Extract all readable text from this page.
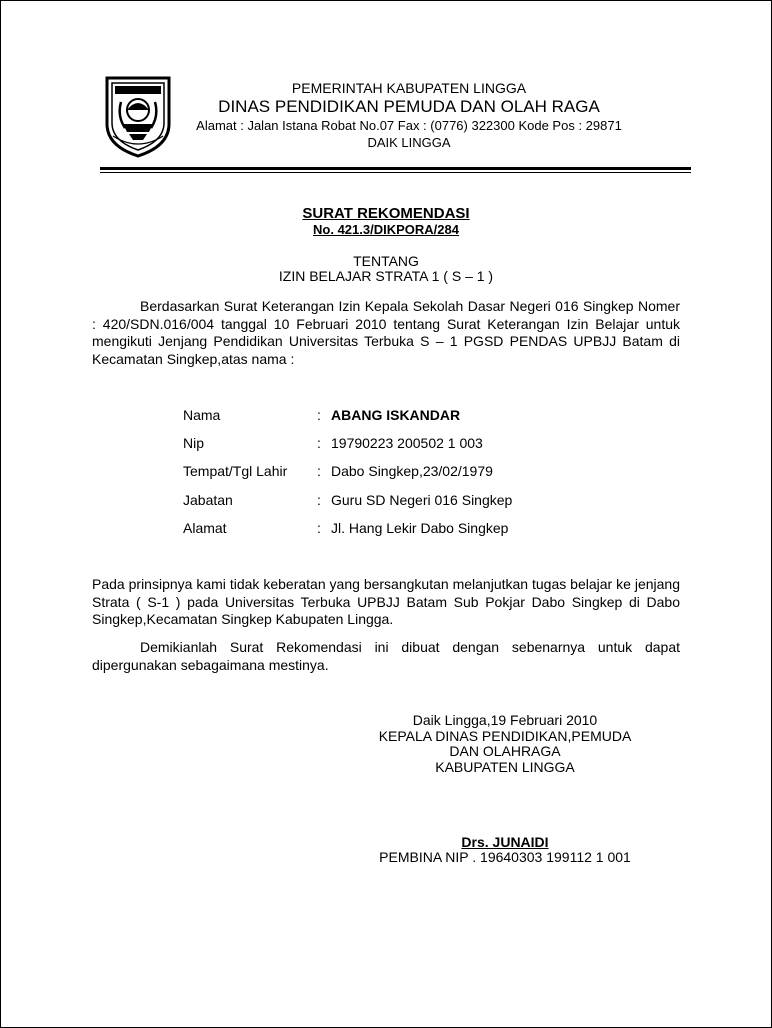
PEMERINTAH KABUPATEN LINGGA
DINAS PENDIDIKAN PEMUDA DAN OLAH RAGA
Alamat : Jalan Istana Robat No.07 Fax : (0776) 322300 Kode Pos : 29871
DAIK LINGGA
SURAT REKOMENDASI
No. 421.3/DIKPORA/284
TENTANG
IZIN BELAJAR STRATA 1 ( S – 1 )

Berdasarkan Surat Keterangan Izin Kepala Sekolah Dasar Negeri 016 Singkep Nomer : 420/SDN.016/004 tanggal 10 Februari 2010 tentang Surat Keterangan Izin Belajar untuk mengikuti Jenjang Pendidikan Universitas Terbuka S – 1 PGSD PENDAS UPBJJ Batam di Kecamatan Singkep,atas nama :

Nama	: ABANG ISKANDAR
Nip	: 19790223 200502 1 003
Tempat/Tgl Lahir : Dabo Singkep,23/02/1979
Jabatan	: Guru SD Negeri 016 Singkep
Alamat	: Jl. Hang Lekir Dabo Singkep

Pada prinsipnya kami tidak keberatan yang bersangkutan melanjutkan tugas belajar ke jenjang Strata ( S-1 ) pada Universitas Terbuka UPBJJ Batam Sub Pokjar Dabo Singkep di Dabo Singkep,Kecamatan Singkep Kabupaten Lingga.

Demikianlah Surat Rekomendasi ini dibuat dengan sebenarnya untuk dapat dipergunakan sebagaimana mestinya.

Daik Lingga,19 Februari 2010
KEPALA DINAS PENDIDIKAN,PEMUDA
DAN OLAHRAGA
KABUPATEN LINGGA
Drs. JUNAIDI
PEMBINA NIP . 19640303 199112 1 001
